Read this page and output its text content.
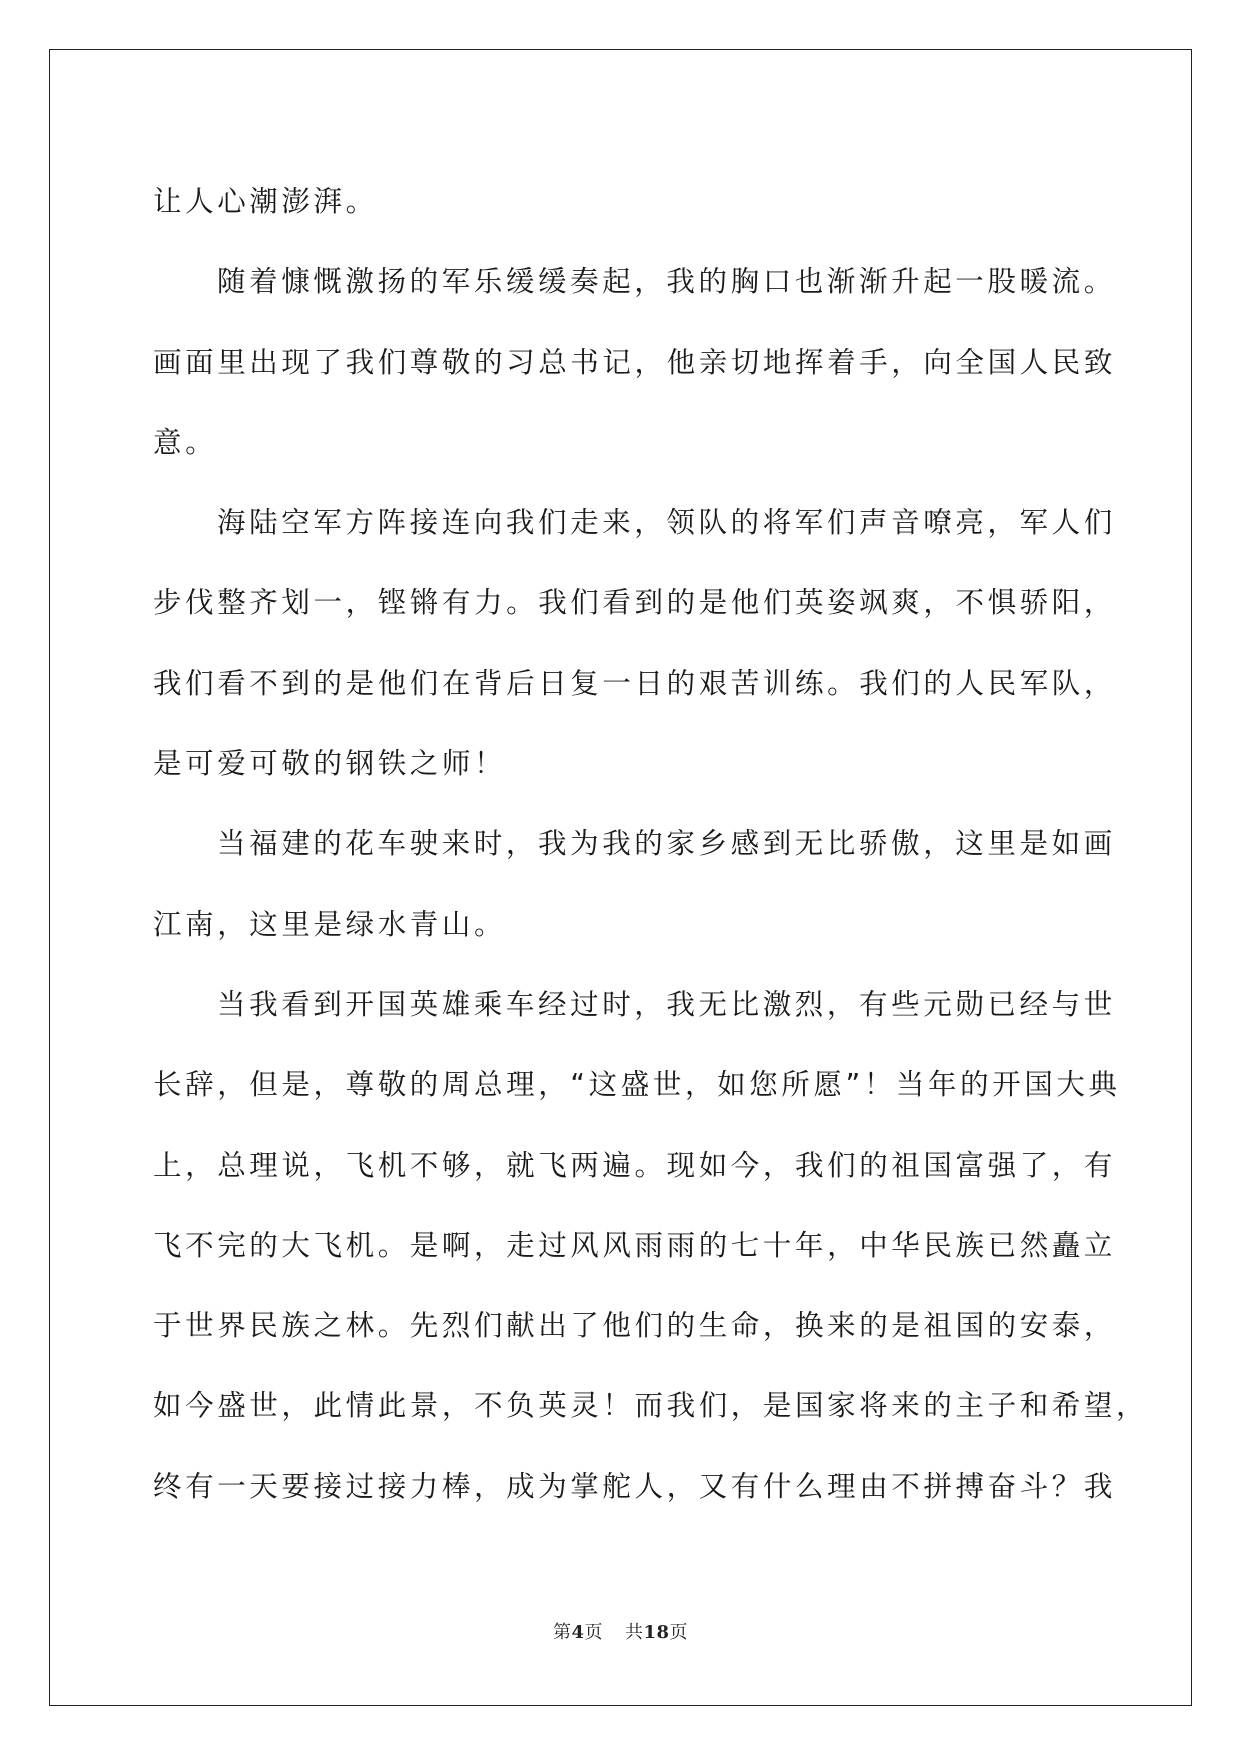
让人心潮澎湃。
随着慷慨激扬的军乐缓缓奏起，我的胸口也渐渐升起一股暖流。
画面里出现了我们尊敬的习总书记，他亲切地挥着手，向全国人民致
意。
海陆空军方阵接连向我们走来，领队的将军们声音嘹亮，军人们
步伐整齐划一，铿锵有力。我们看到的是他们英姿飒爽，不惧骄阳，
我们看不到的是他们在背后日复一日的艰苦训练。我们的人民军队，
是可爱可敬的钢铁之师！
当福建的花车驶来时，我为我的家乡感到无比骄傲，这里是如画
江南，这里是绿水青山。
当我看到开国英雄乘车经过时，我无比激烈，有些元勋已经与世
长辞，但是，尊敬的周总理，“这盛世，如您所愿”！当年的开国大典
上，总理说，飞机不够，就飞两遍。现如今，我们的祖国富强了，有
飞不完的大飞机。是啊，走过风风雨雨的七十年，中华民族已然矗立
于世界民族之林。先烈们献出了他们的生命，换来的是祖国的安泰，
如今盛世，此情此景，不负英灵！而我们，是国家将来的主子和希望，
终有一天要接过接力棒，成为掌舵人，又有什么理由不拼搏奋斗？我
第4页 共18页
